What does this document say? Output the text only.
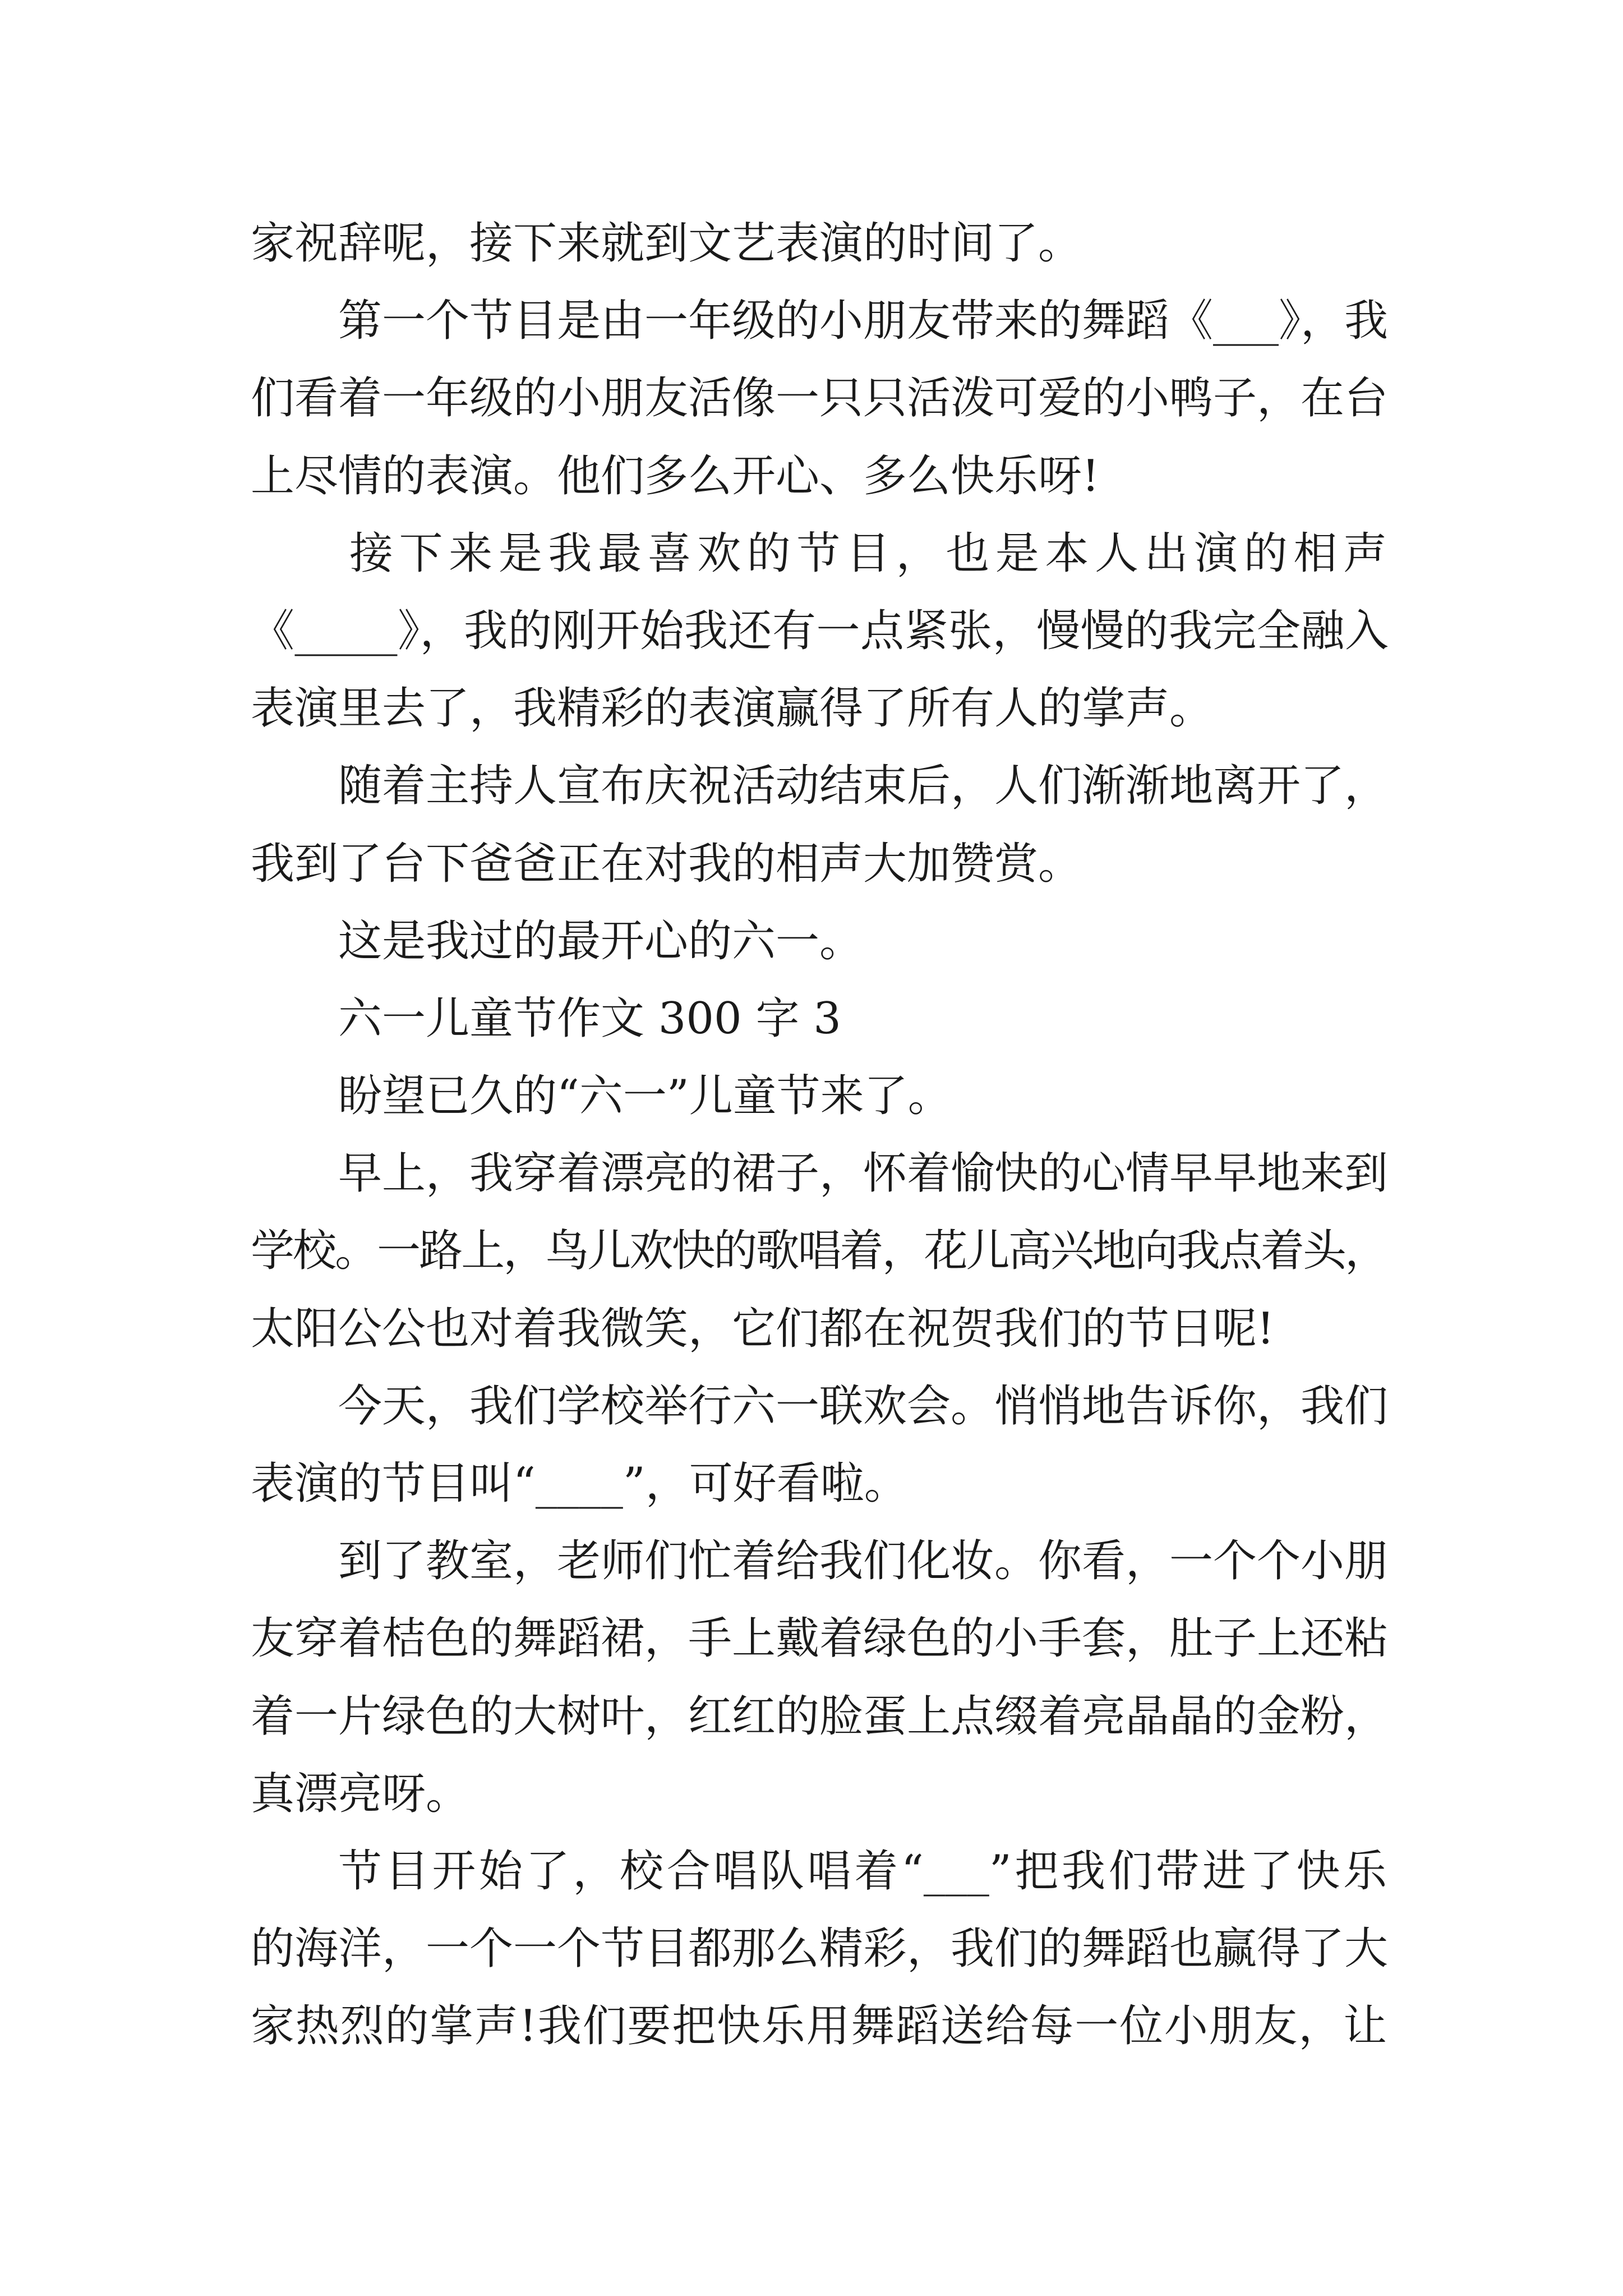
家祝辞呢，接下来就到文艺表演的时间了。
第一个节目是由一年级的小朋友带来的舞蹈《___》，我
们看着一年级的小朋友活像一只只活泼可爱的小鸭子，在台
上尽情的表演。他们多么开心、多么快乐呀!
接下来是我最喜欢的节目，也是本人出演的相声
《_____》，我的刚开始我还有一点紧张，慢慢的我完全融入
表演里去了，我精彩的表演赢得了所有人的掌声。
随着主持人宣布庆祝活动结束后，人们渐渐地离开了，
我到了台下爸爸正在对我的相声大加赞赏。
这是我过的最开心的六一。
六一儿童节作文 300 字 3
盼望已久的“六一”儿童节来了。
早上，我穿着漂亮的裙子，怀着愉快的心情早早地来到
学校。一路上，鸟儿欢快的歌唱着，花儿高兴地向我点着头，
太阳公公也对着我微笑，它们都在祝贺我们的节日呢!
今天，我们学校举行六一联欢会。悄悄地告诉你，我们
表演的节目叫“____”，可好看啦。
到了教室，老师们忙着给我们化妆。你看，一个个小朋
友穿着桔色的舞蹈裙，手上戴着绿色的小手套，肚子上还粘
着一片绿色的大树叶，红红的脸蛋上点缀着亮晶晶的金粉，
真漂亮呀。
节目开始了，校合唱队唱着“___”把我们带进了快乐
的海洋，一个一个节目都那么精彩，我们的舞蹈也赢得了大
家热烈的掌声!我们要把快乐用舞蹈送给每一位小朋友，让
